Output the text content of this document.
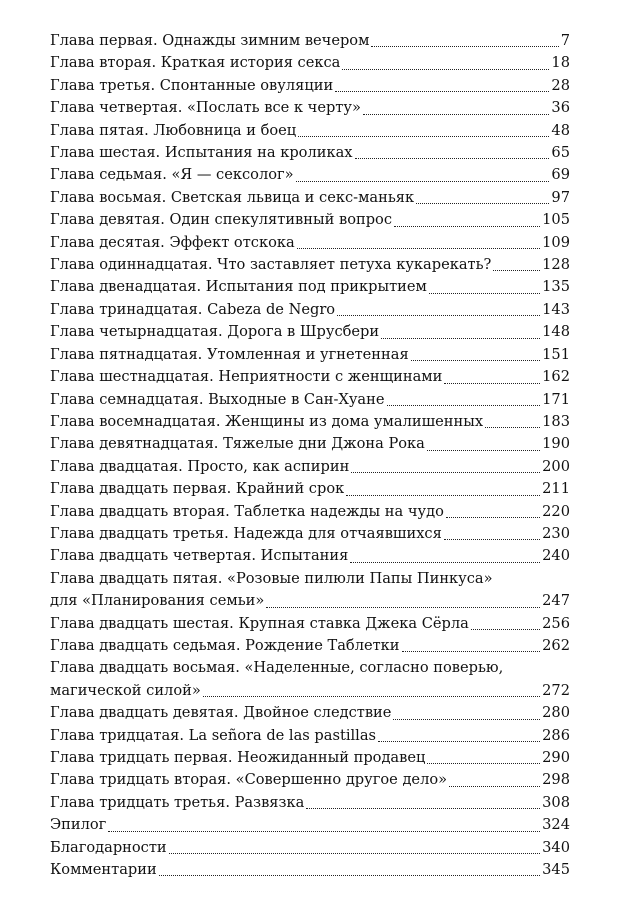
Глава первая. Однажды зимним вечером	7
Глава вторая. Краткая история секса	18
Глава третья. Спонтанные овуляции	28
Глава четвертая. «Послать все к черту»	36
Глава пятая. Любовница и боец	48
Глава шестая. Испытания на кроликах	65
Глава седьмая. «Я — сексолог»	69
Глава восьмая. Светская львица и секс-маньяк	97
Глава девятая. Один спекулятивный вопрос	105
Глава десятая. Эффект отскока	109
Глава одиннадцатая. Что заставляет петуха кукарекать?	128
Глава двенадцатая. Испытания под прикрытием	135
Глава тринадцатая. Cabeza de Negro	143
Глава четырнадцатая. Дорога в Шрусбери	148
Глава пятнадцатая. Утомленная и угнетенная	151
Глава шестнадцатая. Неприятности с женщинами	162
Глава семнадцатая. Выходные в Сан-Хуане	171
Глава восемнадцатая. Женщины из дома умалишенных	183
Глава девятнадцатая. Тяжелые дни Джона Рока	190
Глава двадцатая. Просто, как аспирин	200
Глава двадцать первая. Крайний срок	211
Глава двадцать вторая. Таблетка надежды на чудо	220
Глава двадцать третья. Надежда для отчаявшихся	230
Глава двадцать четвертая. Испытания	240
Глава двадцать пятая. «Розовые пилюли Папы Пинкуса»
для «Планирования семьи»	247
Глава двадцать шестая. Крупная ставка Джека Сёрла	256
Глава двадцать седьмая. Рождение Таблетки	262
Глава двадцать восьмая. «Наделенные, согласно поверью,
магической силой»	272
Глава двадцать девятая. Двойное следствие	280
Глава тридцатая. La señora de las pastillas	286
Глава тридцать первая. Неожиданный продавец	290
Глава тридцать вторая. «Совершенно другое дело»	298
Глава тридцать третья. Развязка	308
Эпилог	324
Благодарности	340
Комментарии	345
